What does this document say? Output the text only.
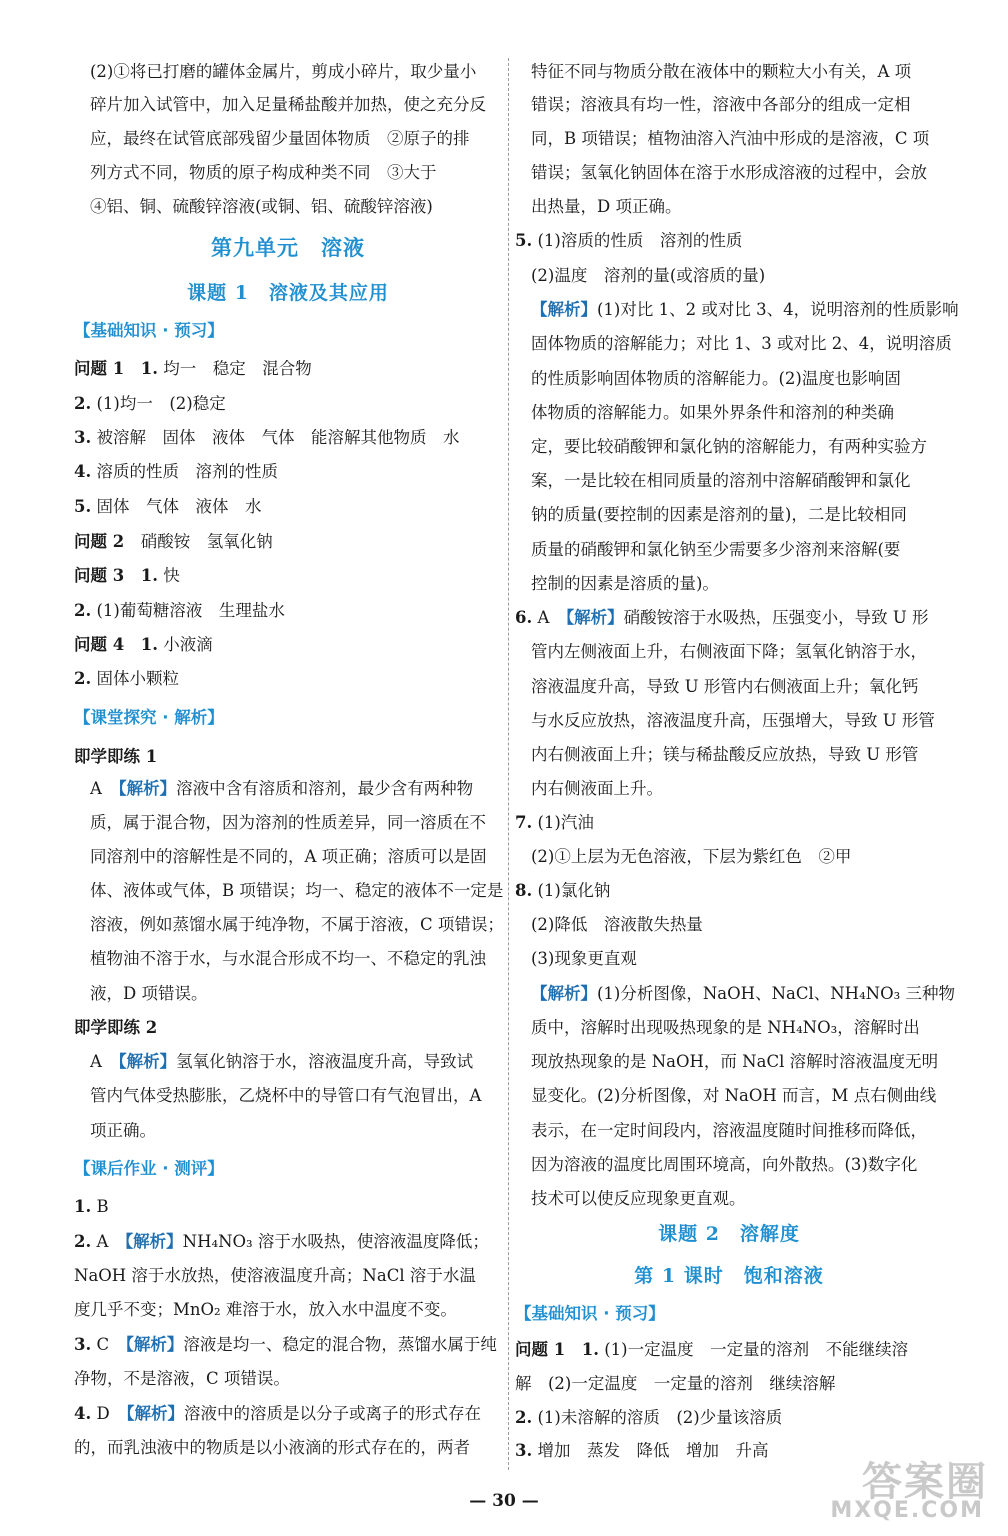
(2)①将已打磨的罐体金属片，剪成小碎片，取少量小
碎片加入试管中，加入足量稀盐酸并加热，使之充分反
应，最终在试管底部残留少量固体物质　②原子的排
列方式不同，物质的原子构成种类不同　③大于
④铝、铜、硫酸锌溶液(或铜、铝、硫酸锌溶液)
第九单元　溶液
课题 1　溶液及其应用
【基础知识 · 预习】
问题 1　1. 均一　稳定　混合物
2. (1)均一　(2)稳定
3. 被溶解　固体　液体　气体　能溶解其他物质　水
4. 溶质的性质　溶剂的性质
5. 固体　气体　液体　水
问题 2　硝酸铵　氢氧化钠
问题 3　1. 快
2. (1)葡萄糖溶液　生理盐水
问题 4　1. 小液滴
2. 固体小颗粒
【课堂探究 · 解析】
即学即练 1
A　【解析】溶液中含有溶质和溶剂，最少含有两种物
质，属于混合物，因为溶剂的性质差异，同一溶质在不
同溶剂中的溶解性是不同的，A 项正确；溶质可以是固
体、液体或气体，B 项错误；均一、稳定的液体不一定是
溶液，例如蒸馏水属于纯净物，不属于溶液，C 项错误；
植物油不溶于水，与水混合形成不均一、不稳定的乳浊
液，D 项错误。
即学即练 2
A　【解析】氢氧化钠溶于水，溶液温度升高，导致试
管内气体受热膨胀，乙烧杯中的导管口有气泡冒出，A
项正确。
【课后作业 · 测评】
1. B
2. A　【解析】NH₄NO₃ 溶于水吸热，使溶液温度降低；
NaOH 溶于水放热，使溶液温度升高；NaCl 溶于水温
度几乎不变；MnO₂ 难溶于水，放入水中温度不变。
3. C　【解析】溶液是均一、稳定的混合物，蒸馏水属于纯
净物，不是溶液，C 项错误。
4. D　【解析】溶液中的溶质是以分子或离子的形式存在
的，而乳浊液中的物质是以小液滴的形式存在的，两者
特征不同与物质分散在液体中的颗粒大小有关，A 项
错误；溶液具有均一性，溶液中各部分的组成一定相
同，B 项错误；植物油溶入汽油中形成的是溶液，C 项
错误；氢氧化钠固体在溶于水形成溶液的过程中，会放
出热量，D 项正确。
5. (1)溶质的性质　溶剂的性质
(2)温度　溶剂的量(或溶质的量)
【解析】(1)对比 1、2 或对比 3、4，说明溶剂的性质影响
固体物质的溶解能力；对比 1、3 或对比 2、4，说明溶质
的性质影响固体物质的溶解能力。(2)温度也影响固
体物质的溶解能力。如果外界条件和溶剂的种类确
定，要比较硝酸钾和氯化钠的溶解能力，有两种实验方
案，一是比较在相同质量的溶剂中溶解硝酸钾和氯化
钠的质量(要控制的因素是溶剂的量)，二是比较相同
质量的硝酸钾和氯化钠至少需要多少溶剂来溶解(要
控制的因素是溶质的量)。
6. A　【解析】硝酸铵溶于水吸热，压强变小，导致 U 形
管内左侧液面上升，右侧液面下降；氢氧化钠溶于水，
溶液温度升高，导致 U 形管内右侧液面上升；氧化钙
与水反应放热，溶液温度升高，压强增大，导致 U 形管
内右侧液面上升；镁与稀盐酸反应放热，导致 U 形管
内右侧液面上升。
7. (1)汽油
(2)①上层为无色溶液，下层为紫红色　②甲
8. (1)氯化钠
(2)降低　溶液散失热量
(3)现象更直观
【解析】(1)分析图像，NaOH、NaCl、NH₄NO₃ 三种物
质中，溶解时出现吸热现象的是 NH₄NO₃，溶解时出
现放热现象的是 NaOH，而 NaCl 溶解时溶液温度无明
显变化。(2)分析图像，对 NaOH 而言，M 点右侧曲线
表示，在一定时间段内，溶液温度随时间推移而降低，
因为溶液的温度比周围环境高，向外散热。(3)数字化
技术可以使反应现象更直观。
课题 2　溶解度
第 1 课时　饱和溶液
【基础知识 · 预习】
问题 1　1. (1)一定温度　一定量的溶剂　不能继续溶
解　(2)一定温度　一定量的溶剂　继续溶解
2. (1)未溶解的溶质　(2)少量该溶质
3. 增加　蒸发　降低　增加　升高
— 30 —	答案圈
MXQE.COM
